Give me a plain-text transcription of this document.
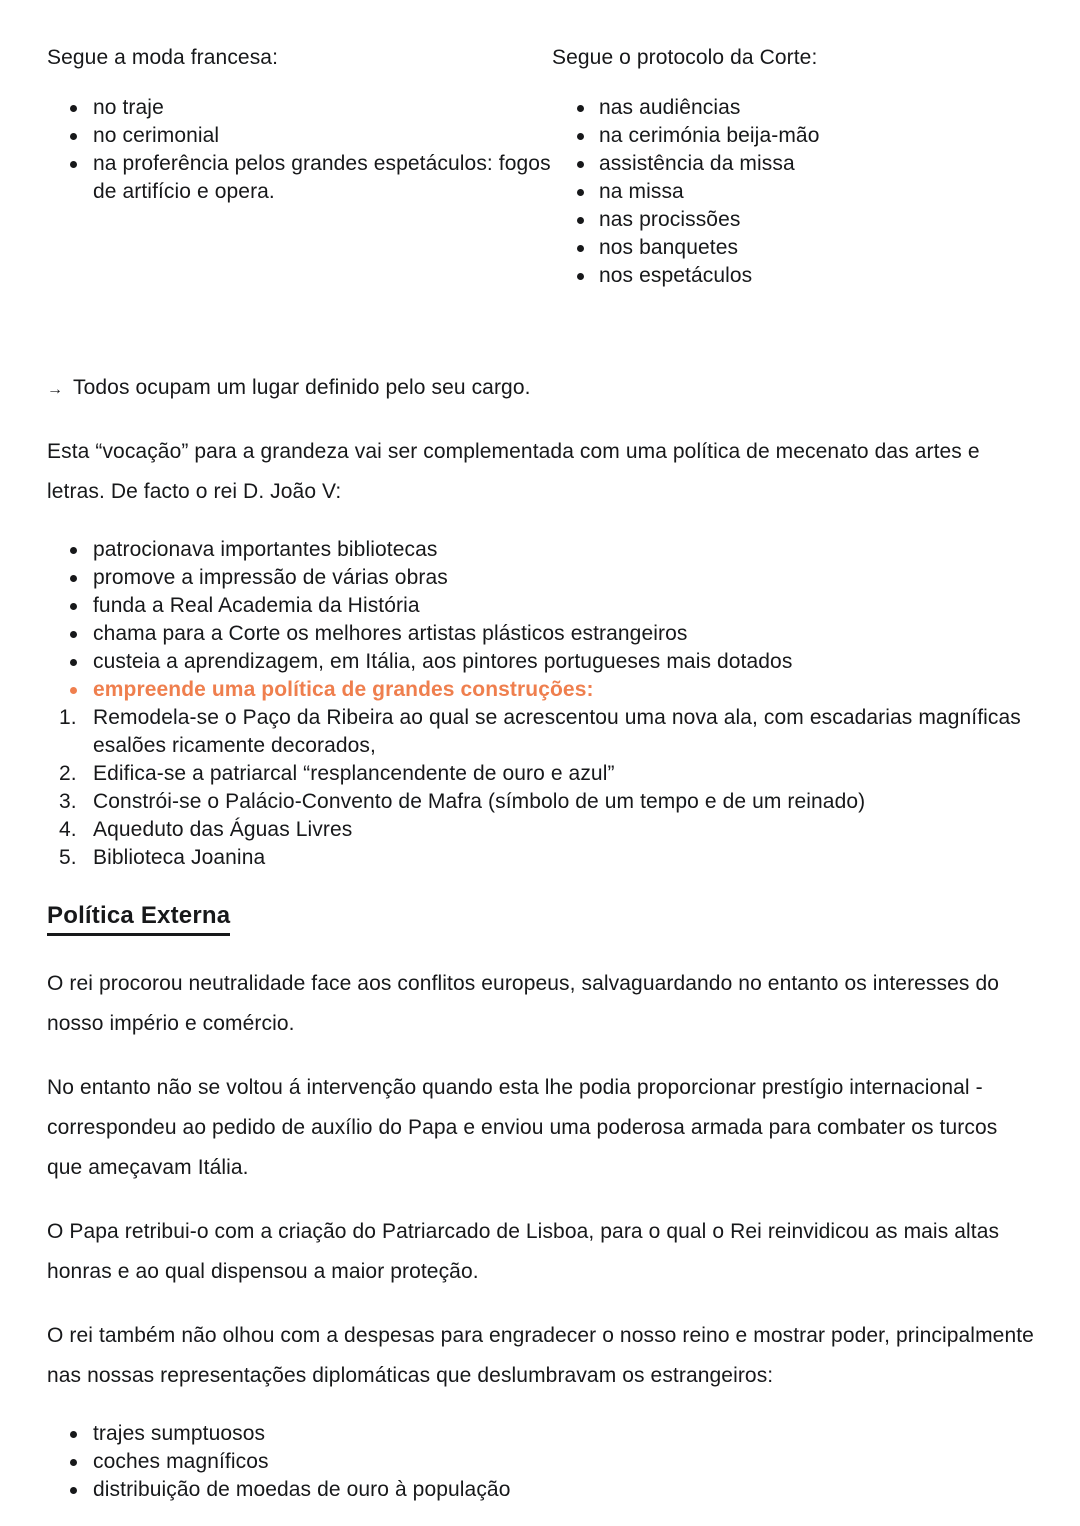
Segue a moda francesa:

no traje
no cerimonial
na proferência pelos grandes espetáculos: fogos de artifício e opera.

Segue o protocolo da Corte:

nas audiências
na cerimónia beija-mão
assistência da missa
na missa
nas procissões
nos banquetes
nos espetáculos

→ Todos ocupam um lugar definido pelo seu cargo.

Esta “vocação” para a grandeza vai ser complementada com uma política de mecenato das artes e letras. De facto o rei D. João V:

patrocionava importantes bibliotecas
promove a impressão de várias obras
funda a Real Academia da História
chama para a Corte os melhores artistas plásticos estrangeiros
custeia a aprendizagem, em Itália, aos pintores portugueses mais dotados
empreende uma política de grandes construções:
Remodela-se o Paço da Ribeira ao qual se acrescentou uma nova ala, com escadarias magníficas esalões ricamente decorados,
Edifica-se a patriarcal “resplancendente de ouro e azul”
Constrói-se o Palácio-Convento de Mafra (símbolo de um tempo e de um reinado)
Aqueduto das Águas Livres
Biblioteca Joanina
Política Externa

O rei procorou neutralidade face aos conflitos europeus, salvaguardando no entanto os interesses do nosso império e comércio.

No entanto não se voltou á intervenção quando esta lhe podia proporcionar prestígio internacional - correspondeu ao pedido de auxílio do Papa e enviou uma poderosa armada para combater os turcos que ameçavam Itália.

O Papa retribui-o com a criação do Patriarcado de Lisboa, para o qual o Rei reinvidicou as mais altas honras e ao qual dispensou a maior proteção.

O rei também não olhou com a despesas para engradecer o nosso reino e mostrar poder, principalmente nas nossas representações diplomáticas que deslumbravam os estrangeiros:

trajes sumptuosos
coches magníficos
distribuição de moedas de ouro à população
